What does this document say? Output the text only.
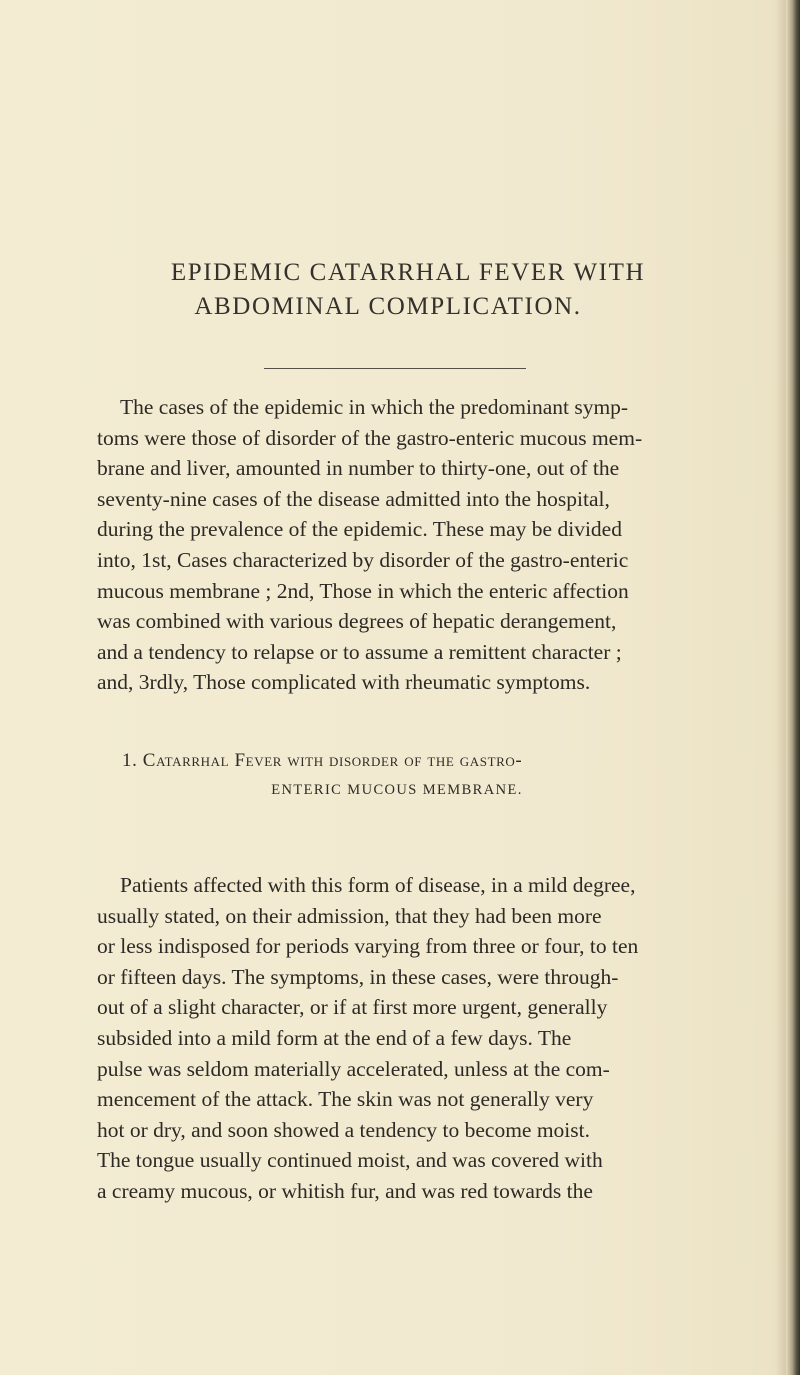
EPIDEMIC CATARRHAL FEVER WITH
ABDOMINAL COMPLICATION.
The cases of the epidemic in which the predominant symp-
toms were those of disorder of the gastro-enteric mucous mem-
brane and liver, amounted in number to thirty-one, out of the
seventy-nine cases of the disease admitted into the hospital,
during the prevalence of the epidemic. These may be divided
into, 1st, Cases characterized by disorder of the gastro-enteric
mucous membrane ; 2nd, Those in which the enteric affection
was combined with various degrees of hepatic derangement,
and a tendency to relapse or to assume a remittent character ;
and, 3rdly, Those complicated with rheumatic symptoms.
1. Catarrhal Fever with disorder of the gastro-
ENTERIC MUCOUS MEMBRANE.
Patients affected with this form of disease, in a mild degree,
usually stated, on their admission, that they had been more
or less indisposed for periods varying from three or four, to ten
or fifteen days. The symptoms, in these cases, were through-
out of a slight character, or if at first more urgent, generally
subsided into a mild form at the end of a few days. The
pulse was seldom materially accelerated, unless at the com-
mencement of the attack. The skin was not generally very
hot or dry, and soon showed a tendency to become moist.
The tongue usually continued moist, and was covered with
a creamy mucous, or whitish fur, and was red towards the
